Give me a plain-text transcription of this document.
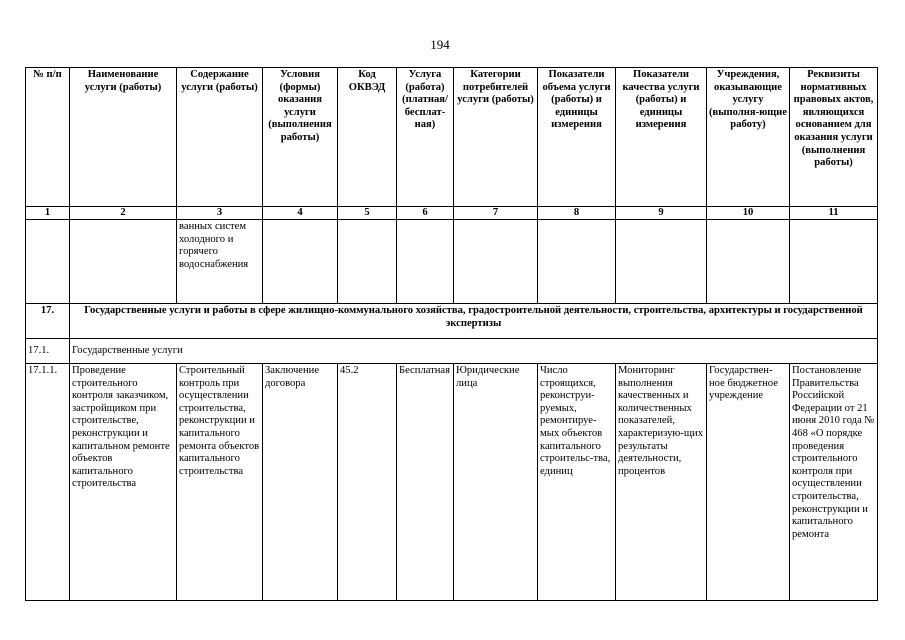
194
№ п/п	Наименование услуги (работы)	Содержание услуги (работы)	Условия (формы) оказания услуги (выполнения работы)	Код ОКВЭД	Услуга (работа) (платная/ бесплат-ная)	Категории потребителей услуги (работы)	Показатели объема услуги (работы) и единицы измерения	Показатели качества услуги (работы) и единицы измерения	Учреждения, оказывающие услугу (выполня-ющие работу)	Реквизиты нормативных правовых актов, являющихся основанием для оказания услуги (выполнения работы)
1	2	3	4	5	6	7	8	9	10	11
		ванных систем холодного и горячего водоснабжения								
17.	Государственные услуги и работы в сфере жилищно-коммунального хозяйства, градостроительной деятельности, строительства, архитектуры и государственной экспертизы									
17.1.	Государственные услуги									
17.1.1.	Проведение строительного контроля заказчиком, застройщиком при строительстве, реконструкции и капитальном ремонте объектов капитального строительства	Строительный контроль при осуществлении строительства, реконструкции и капитального ремонта объектов капитального строительства	Заключение договора	45.2	Бесплатная	Юридические лица	Число строящихся, реконструи-руемых, ремонтируе-мых объектов капитального строительс-тва, единиц	Мониторинг выполнения качественных и количественных показателей, характеризую-щих результаты деятельности, процентов	Государствен-ное бюджетное учреждение	Постановление Правительства Российской Федерации от 21 июня 2010 года № 468 «О порядке проведения строительного контроля при осуществлении строительства, реконструкции и капитального ремонта
